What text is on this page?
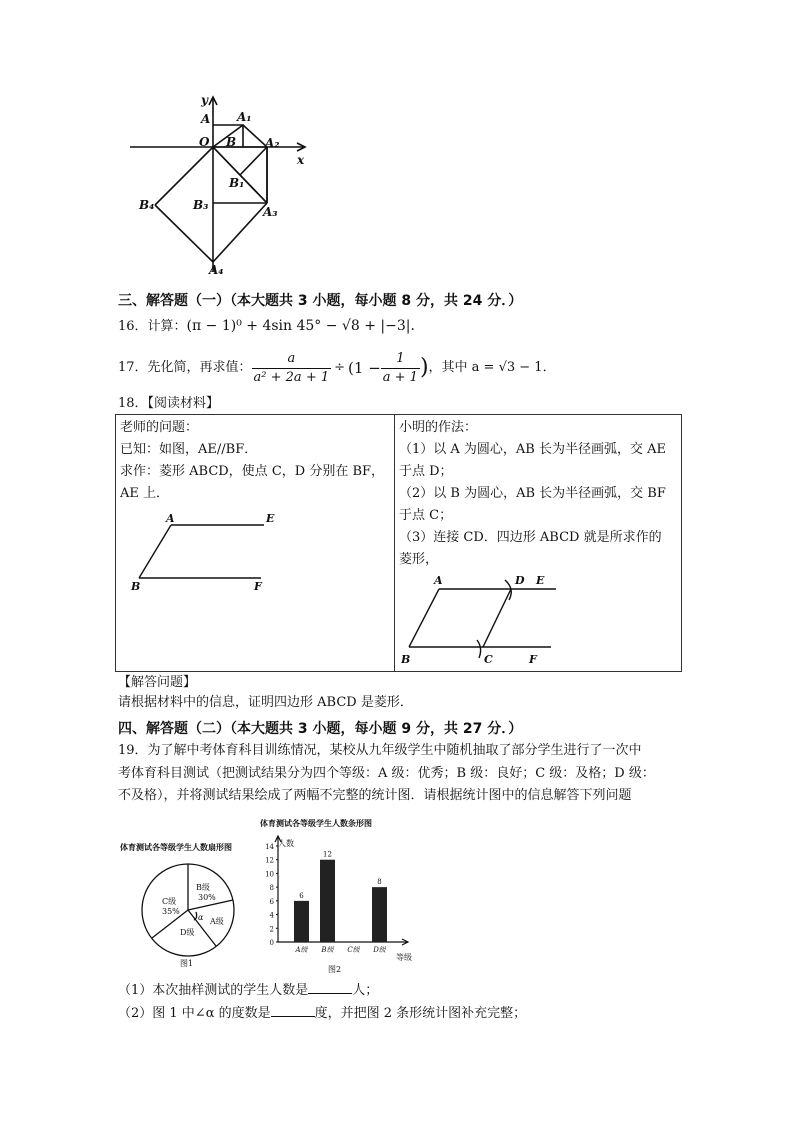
y
x
A A₁
O B A₂
B₁
B₄	B₃	A₃
A₄
三、解答题（一）（本大题共 3 小题，每小题 8 分，共 24 分．）
16．计算：(π − 1)⁰ + 4sin 45° − √8 + |−3|．
17．先化简，再求值： $\frac{a}{\text{a² + 2a + 1}} \div (1 - \frac{1}{a + 1}$ ) ，其中 a = √3 − 1．
18．【阅读材料】
老师的问题：
已知：如图，AE//BF．
求作：菱形 ABCD，使点 C，D 分别在 BF，
AE 上．
A	E
B	F

小明的作法：
（1）以 A 为圆心，AB 长为半径画弧，交 AE
于点 D；
（2）以 B 为圆心，AB 长为半径画弧，交 BF
于点 C；
（3）连接 CD．四边形 ABCD 就是所求作的
菱形，
A	D E
B	C	F
【解答问题】
请根据材料中的信息，证明四边形 ABCD 是菱形．
四、解答题（二）（本大题共 3 小题，每小题 9 分，共 27 分．）
19．为了解中考体育科目训练情况，某校从九年级学生中随机抽取了部分学生进行了一次中
考体育科目测试（把测试结果分为四个等级：A 级：优秀；B 级：良好；C 级：及格；D 级：
不及格），并将测试结果绘成了两幅不完整的统计图．请根据统计图中的信息解答下列问题
体育测试各等级学生人数扇形图
B级
30%
C级
35%
D级
A级
α
图1
体育测试各等级学生人数条形图
人数
等级
图2
0
2
4
6
8
10
12
14
6
A级
12
B级 C级
8
D级
（1）本次抽样测试的学生人数是	人；
（2）图 1 中∠α 的度数是	度，并把图 2 条形统计图补充完整；
